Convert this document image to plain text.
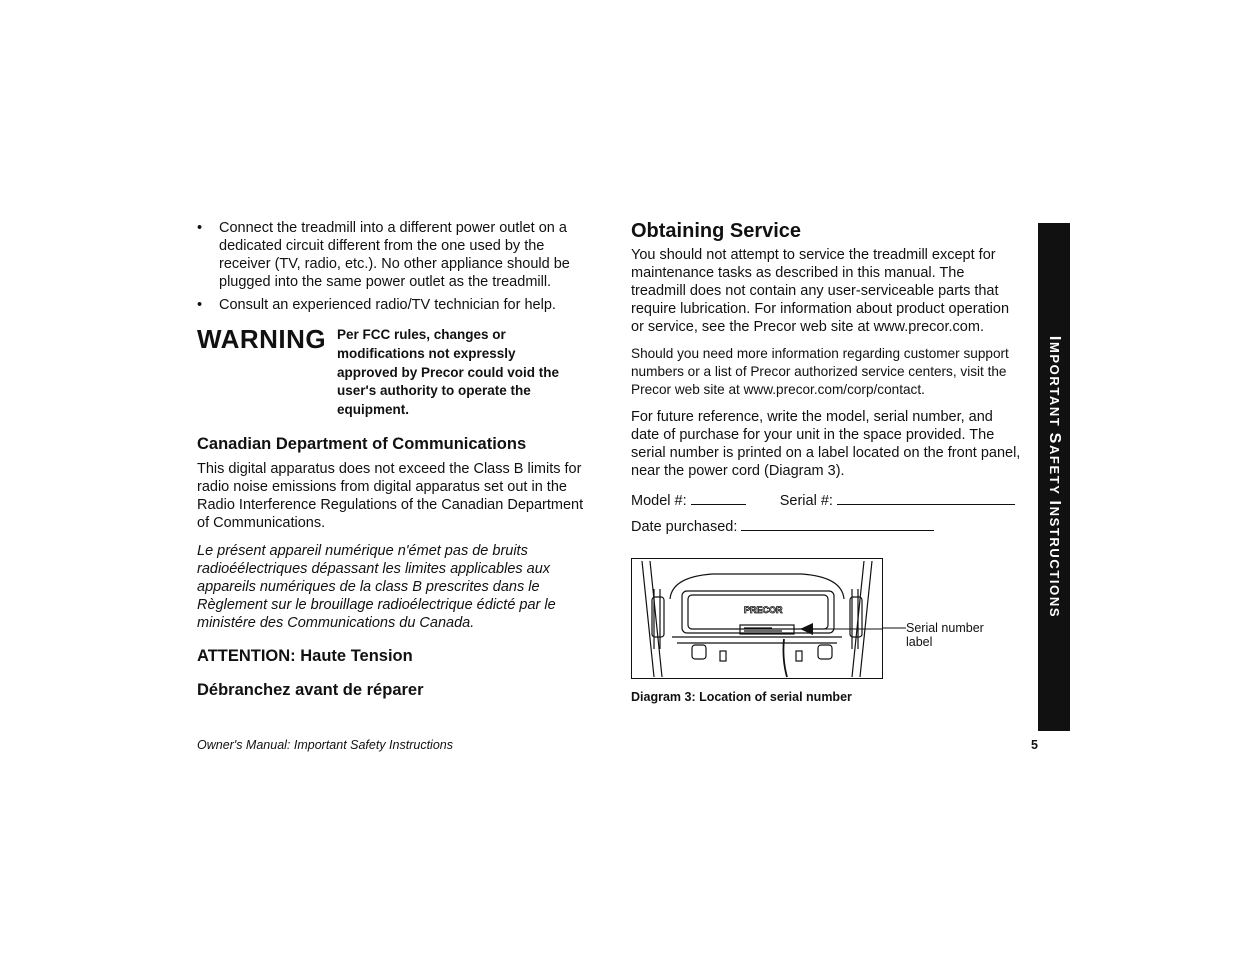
• Connect the treadmill into a different power outlet on a dedicated circuit different from the one used by the receiver (TV, radio, etc.). No other appliance should be plugged into the same power outlet as the treadmill.
• Consult an experienced radio/TV technician for help.
WARNING Per FCC rules, changes or modifications not expressly approved by Precor could void the user's authority to operate the equipment.
Canadian Department of Communications

This digital apparatus does not exceed the Class B limits for radio noise emissions from digital apparatus set out in the Radio Interference Regulations of the Canadian Department of Communications.

Le présent appareil numérique n'émet pas de bruits radioéélectriques dépassant les limites applicables aux appareils numériques de la class B prescrites dans le Règlement sur le brouillage radioélectrique édicté par le ministére des Communications du Canada.

ATTENTION: Haute Tension
Débranchez avant de réparer
Obtaining Service

You should not attempt to service the treadmill except for maintenance tasks as described in this manual. The treadmill does not contain any user-serviceable parts that require lubrication. For information about product operation or service, see the Precor web site at www.precor.com.

Should you need more information regarding customer support numbers or a list of Precor authorized service centers, visit the Precor web site at www.precor.com/corp/contact.

For future reference, write the model, serial number, and date of purchase for your unit in the space provided. The serial number is printed on a label located on the front panel, near the power cord (Diagram 3).

Model #:	Serial #:
Date purchased:
PRECOR
Serial number label
Diagram 3: Location of serial number
IMPORTANT SAFETY INSTRUCTIONS
Owner's Manual: Important Safety Instructions	5
